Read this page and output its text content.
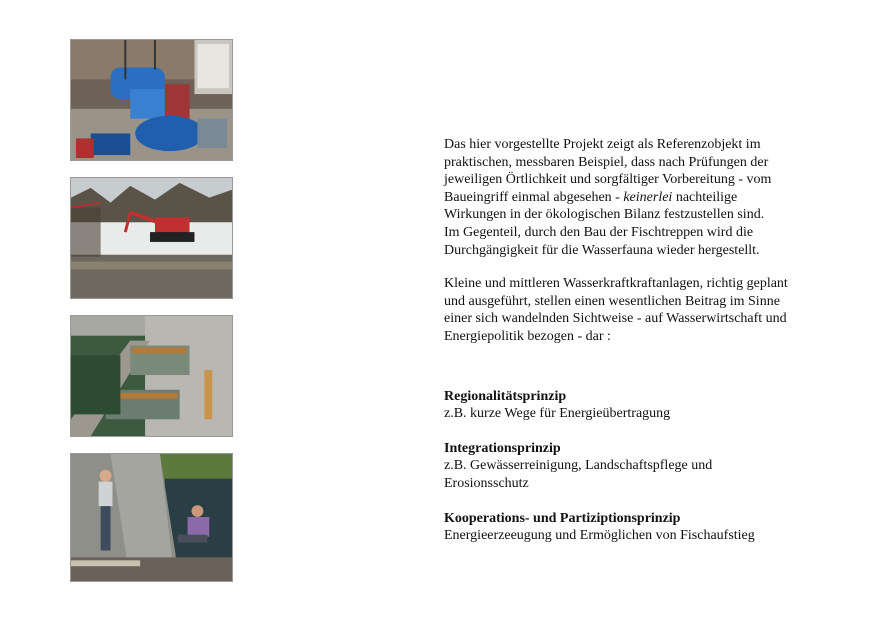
Das hier vorgestellte Projekt zeigt als Referenzobjekt im
praktischen, messbaren Beispiel, dass nach Prüfungen der
jeweiligen Örtlichkeit und sorgfältiger Vorbereitung - vom
Baueingriff einmal abgesehen - keinerlei nachteilige
Wirkungen in der ökologischen Bilanz festzustellen sind.
Im Gegenteil, durch den Bau der Fischtreppen wird die
Durchgängigkeit für die Wasserfauna wieder hergestellt.
Kleine und mittleren Wasserkraftkraftanlagen, richtig geplant
und ausgeführt, stellen einen wesentlichen Beitrag im Sinne
einer sich wandelnden Sichtweise - auf Wasserwirtschaft und
Energiepolitik bezogen - dar :
Regionalitätsprinzip
z.B. kurze Wege für Energieübertragung
Integrationsprinzip
z.B. Gewässerreinigung, Landschaftspflege und
Erosionsschutz
Kooperations- und Partiziptionsprinzip
Energieerzeeugung und Ermöglichen von Fischaufstieg
